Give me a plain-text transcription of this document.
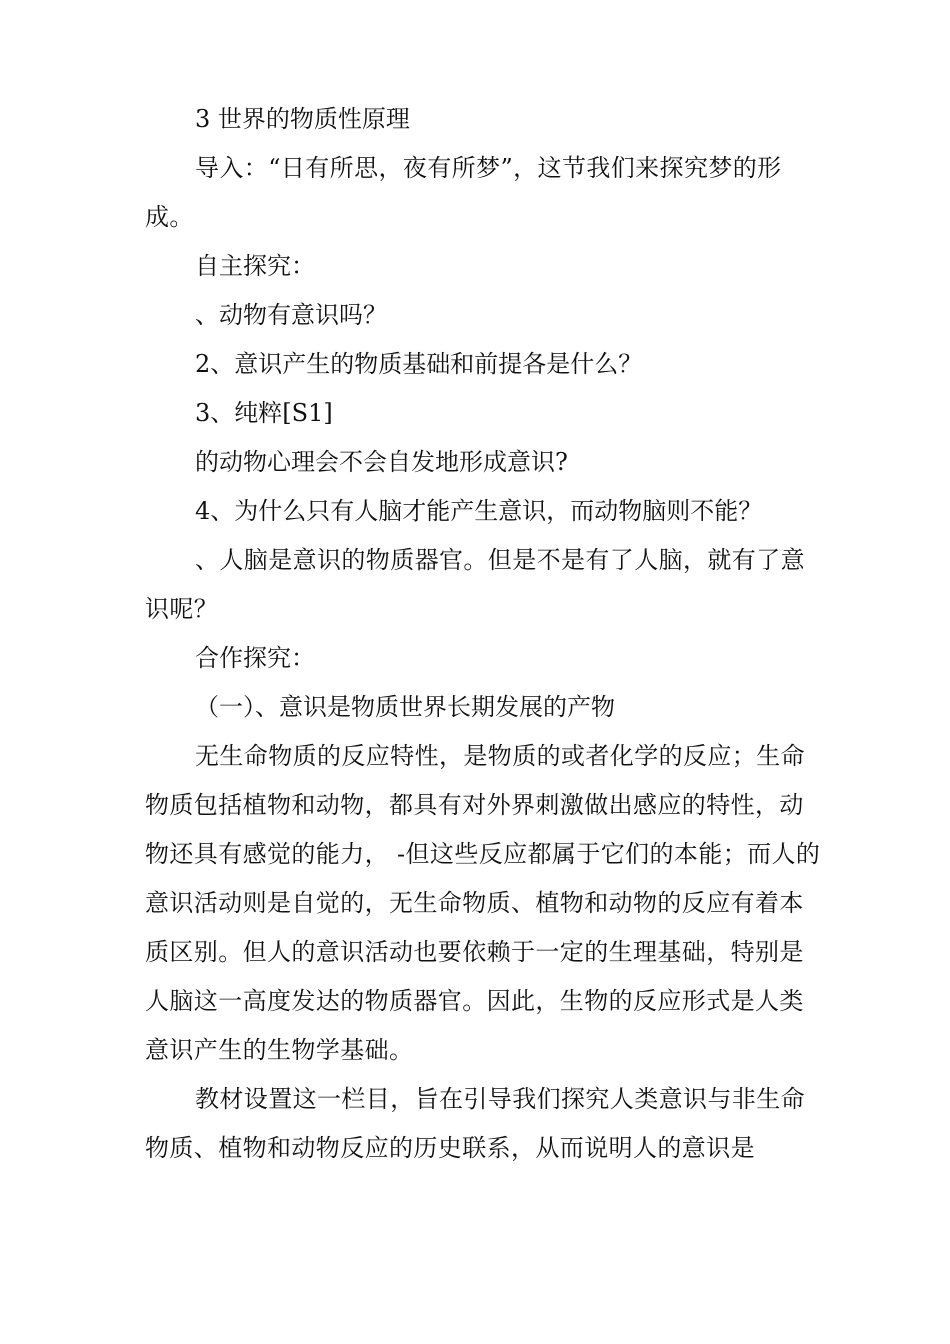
3 世界的物质性原理

导入：“日有所思，夜有所梦”，这节我们来探究梦的形成。

自主探究：

、动物有意识吗？

2、意识产生的物质基础和前提各是什么？

3、纯粹[S1]

的动物心理会不会自发地形成意识?

4、为什么只有人脑才能产生意识，而动物脑则不能？

、人脑是意识的物质器官。但是不是有了人脑，就有了意识呢？

合作探究：

（一）、意识是物质世界长期发展的产物

无生命物质的反应特性，是物质的或者化学的反应；生命物质包括植物和动物，都具有对外界刺激做出感应的特性，动物还具有感觉的能力， -但这些反应都属于它们的本能；而人的意识活动则是自觉的，无生命物质、植物和动物的反应有着本质区别。但人的意识活动也要依赖于一定的生理基础，特别是人脑这一高度发达的物质器官。因此，生物的反应形式是人类意识产生的生物学基础。

教材设置这一栏目，旨在引导我们探究人类意识与非生命物质、植物和动物反应的历史联系，从而说明人的意识是
